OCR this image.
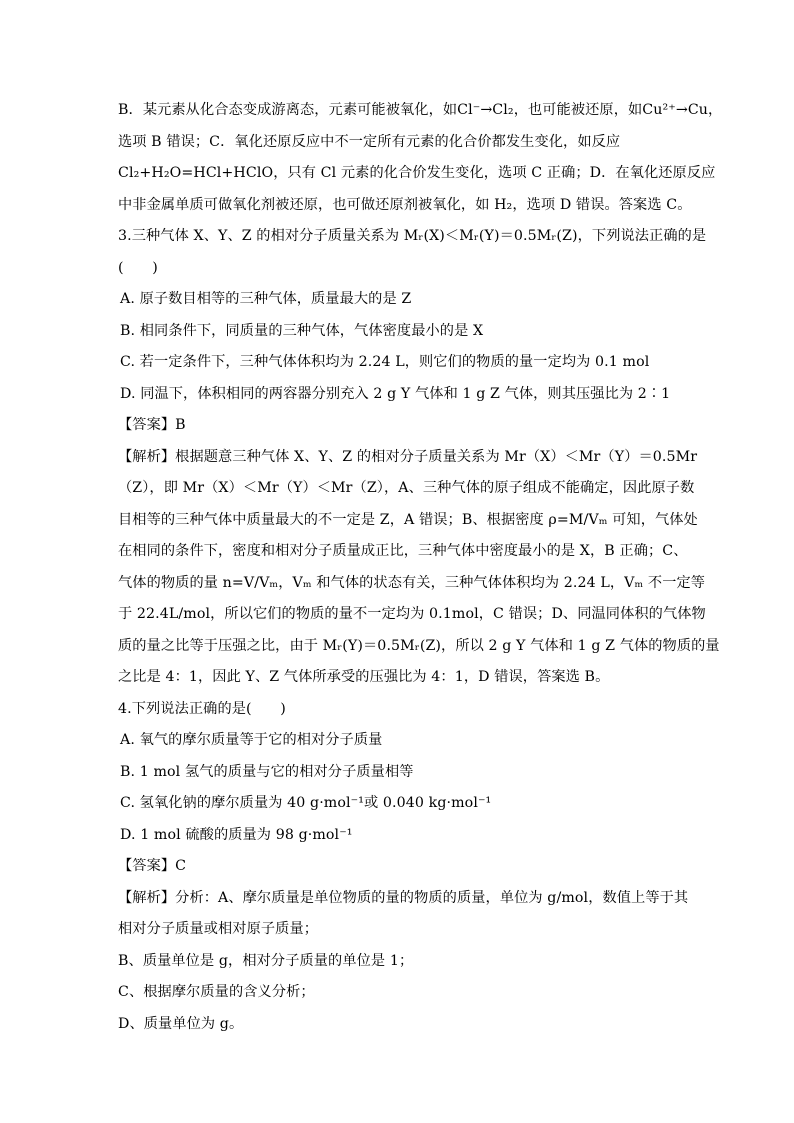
B．某元素从化合态变成游离态，元素可能被氧化，如Cl⁻→Cl₂，也可能被还原，如Cu²⁺→Cu，
选项 B 错误；C．氧化还原反应中不一定所有元素的化合价都发生变化，如反应
Cl₂+H₂O=HCl+HClO，只有 Cl 元素的化合价发生变化，选项 C 正确；D．在氧化还原反应
中非金属单质可做氧化剂被还原，也可做还原剂被氧化，如 H₂，选项 D 错误。答案选 C。
3.三种气体 X、Y、Z 的相对分子质量关系为 Mᵣ(X)＜Mᵣ(Y)＝0.5Mᵣ(Z)，下列说法正确的是
(　　)
A. 原子数目相等的三种气体，质量最大的是 Z
B. 相同条件下，同质量的三种气体，气体密度最小的是 X
C. 若一定条件下，三种气体体积均为 2.24 L，则它们的物质的量一定均为 0.1 mol
D. 同温下，体积相同的两容器分别充入 2 g Y 气体和 1 g Z 气体，则其压强比为 2∶1
【答案】B
【解析】根据题意三种气体 X、Y、Z 的相对分子质量关系为 Mr（X）＜Mr（Y）＝0.5Mr
（Z），即 Mr（X）＜Mr（Y）＜Mr（Z），A、三种气体的原子组成不能确定，因此原子数
目相等的三种气体中质量最大的不一定是 Z，A 错误；B、根据密度 ρ=M/Vₘ 可知，气体处
在相同的条件下，密度和相对分子质量成正比，三种气体中密度最小的是 X，B 正确；C、
气体的物质的量 n=V/Vₘ，Vₘ 和气体的状态有关，三种气体体积均为 2.24 L，Vₘ 不一定等
于 22.4L/mol，所以它们的物质的量不一定均为 0.1mol，C 错误；D、同温同体积的气体物
质的量之比等于压强之比，由于 Mᵣ(Y)＝0.5Mᵣ(Z)，所以 2 g Y 气体和 1 g Z 气体的物质的量
之比是 4：1，因此 Y、Z 气体所承受的压强比为 4：1，D 错误，答案选 B。
4.下列说法正确的是(　　)
A. 氧气的摩尔质量等于它的相对分子质量
B. 1 mol 氢气的质量与它的相对分子质量相等
C. 氢氧化钠的摩尔质量为 40 g·mol⁻¹或 0.040 kg·mol⁻¹
D. 1 mol 硫酸的质量为 98 g·mol⁻¹
【答案】C
【解析】分析：A、摩尔质量是单位物质的量的物质的质量，单位为 g/mol，数值上等于其
相对分子质量或相对原子质量；
B、质量单位是 g，相对分子质量的单位是 1；
C、根据摩尔质量的含义分析；
D、质量单位为 g。
